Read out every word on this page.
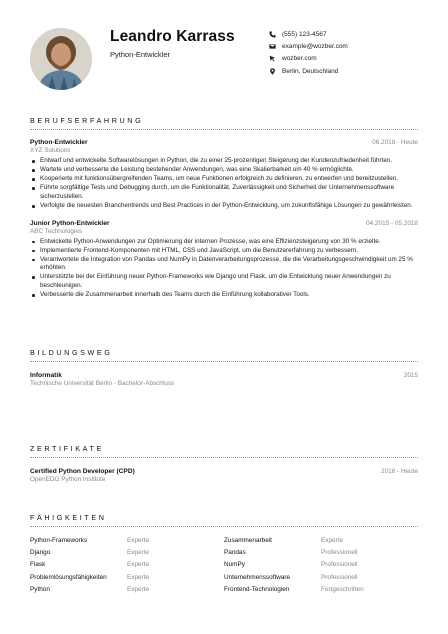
Leandro Karrass
Python-Entwickler
(555) 123-4567
example@wozber.com
wozber.com
Berlin, Deutschland
BERUFSERFAHRUNG
Python-Entwickler
XYZ Solutions
06.2018 - Heute
Entwarf und entwickelte Softwarelösungen in Python, die zu einer 25-prozentigen Steigerung der Kundenzufriedenheit führten.
Wartete und verbesserte die Leistung bestehender Anwendungen, was eine Skalierbarkeit um 40 % ermöglichte.
Kooperierte mit funktionsübergreifenden Teams, um neue Funktionen erfolgreich zu definieren, zu entwerfen und bereitzustellen.
Führte sorgfältige Tests und Debugging durch, um die Funktionalität, Zuverlässigkeit und Sicherheit der Unternehmenssoftware sicherzustellen.
Verfolgte die neuesten Branchentrends und Best Practices in der Python-Entwicklung, um zukunftsfähige Lösungen zu gewährleisten.
Junior Python-Entwickler
ABC Technologies
04.2015 - 05.2018
Entwickelte Python-Anwendungen zur Optimierung der internen Prozesse, was eine Effizienzsteigerung von 30 % erzielte.
Implementierte Frontend-Komponenten mit HTML, CSS und JavaScript, um die Benutzererfahrung zu verbessern.
Verantwortete die Integration von Pandas und NumPy in Datenverarbeitungsprozesse, die die Verarbeitungsgeschwindigkeit um 25 % erhöhten.
Unterstützte bei der Einführung neuer Python-Frameworks wie Django und Flask, um die Entwicklung neuer Anwendungen zu beschleunigen.
Verbesserte die Zusammenarbeit innerhalb des Teams durch die Einführung kollaborativer Tools.
BILDUNGSWEG
Informatik
Technische Universität Berlin - Bachelor-Abschluss
2015
ZERTIFIKATE
Certified Python Developer (CPD)
OpenEDG Python Institute
2016 - Heute
FÄHIGKEITEN
Python-Frameworks	Experte	Zusammenarbeit	Experte
Django	Experte	Pandas	Professionell
Flask	Experte	NumPy	Professionell
Problemlösungsfähigkeiten	Experte	Unternehmenssoftware	Professionell
Python	Experte	Frontend-Technologien	Fortgeschritten
